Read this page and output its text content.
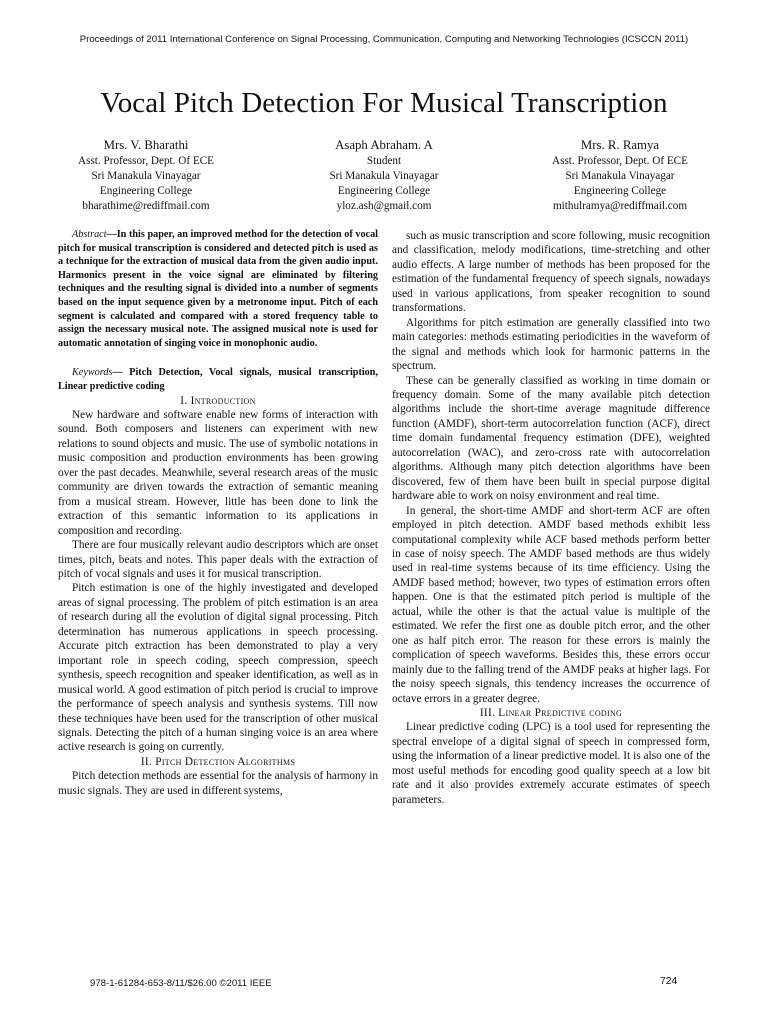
Proceedings of 2011 International Conference on Signal Processing, Communication, Computing and Networking Technologies (ICSCCN 2011)
Vocal Pitch Detection For Musical Transcription
Mrs. V. Bharathi
Asst. Professor, Dept. Of ECE
Sri Manakula Vinayagar
Engineering College
bharathime@rediffmail.com
Asaph Abraham. A
Student
Sri Manakula Vinayagar
Engineering College
yloz.ash@gmail.com
Mrs. R. Ramya
Asst. Professor, Dept. Of ECE
Sri Manakula Vinayagar
Engineering College
mithulramya@rediffmail.com

Abstract—In this paper, an improved method for the detection of vocal pitch for musical transcription is considered and detected pitch is used as a technique for the extraction of musical data from the given audio input. Harmonics present in the voice signal are eliminated by filtering techniques and the resulting signal is divided into a number of segments based on the input sequence given by a metronome input. Pitch of each segment is calculated and compared with a stored frequency table to assign the necessary musical note. The assigned musical note is used for automatic annotation of singing voice in monophonic audio.

Keywords— Pitch Detection, Vocal signals, musical transcription, Linear predictive coding

I. Introduction

New hardware and software enable new forms of interaction with sound. Both composers and listeners can experiment with new relations to sound objects and music. The use of symbolic notations in music composition and production environments has been growing over the past decades. Meanwhile, several research areas of the music community are driven towards the extraction of semantic meaning from a musical stream. However, little has been done to link the extraction of this semantic information to its applications in composition and recording.

There are four musically relevant audio descriptors which are onset times, pitch, beats and notes. This paper deals with the extraction of pitch of vocal signals and uses it for musical transcription.

Pitch estimation is one of the highly investigated and developed areas of signal processing. The problem of pitch estimation is an area of research during all the evolution of digital signal processing. Pitch determination has numerous applications in speech processing. Accurate pitch extraction has been demonstrated to play a very important role in speech coding, speech compression, speech synthesis, speech recognition and speaker identification, as well as in musical world. A good estimation of pitch period is crucial to improve the performance of speech analysis and synthesis systems. Till now these techniques have been used for the transcription of other musical signals. Detecting the pitch of a human singing voice is an area where active research is going on currently.

II. Pitch Detection Algorithms

Pitch detection methods are essential for the analysis of harmony in music signals. They are used in different systems,

such as music transcription and score following, music recognition and classification, melody modifications, time-stretching and other audio effects. A large number of methods has been proposed for the estimation of the fundamental frequency of speech signals, nowadays used in various applications, from speaker recognition to sound transformations.

Algorithms for pitch estimation are generally classified into two main categories: methods estimating periodicities in the waveform of the signal and methods which look for harmonic patterns in the spectrum.

These can be generally classified as working in time domain or frequency domain. Some of the many available pitch detection algorithms include the short-time average magnitude difference function (AMDF), short-term autocorrelation function (ACF), direct time domain fundamental frequency estimation (DFE), weighted autocorrelation (WAC), and zero-cross rate with autocorrelation algorithms. Although many pitch detection algorithms have been discovered, few of them have been built in special purpose digital hardware able to work on noisy environment and real time.

In general, the short-time AMDF and short-term ACF are often employed in pitch detection. AMDF based methods exhibit less computational complexity while ACF based methods perform better in case of noisy speech. The AMDF based methods are thus widely used in real-time systems because of its time efficiency. Using the AMDF based method; however, two types of estimation errors often happen. One is that the estimated pitch period is multiple of the actual, while the other is that the actual value is multiple of the estimated. We refer the first one as double pitch error, and the other one as half pitch error. The reason for these errors is mainly the complication of speech waveforms. Besides this, these errors occur mainly due to the falling trend of the AMDF peaks at higher lags. For the noisy speech signals, this tendency increases the occurrence of octave errors in a greater degree.

III. Linear Predictive coding

Linear predictive coding (LPC) is a tool used for representing the spectral envelope of a digital signal of speech in compressed form, using the information of a linear predictive model. It is also one of the most useful methods for encoding good quality speech at a low bit rate and it also provides extremely accurate estimates of speech parameters.

978-1-61284-653-8/11/$26.00 ©2011 IEEE	724
